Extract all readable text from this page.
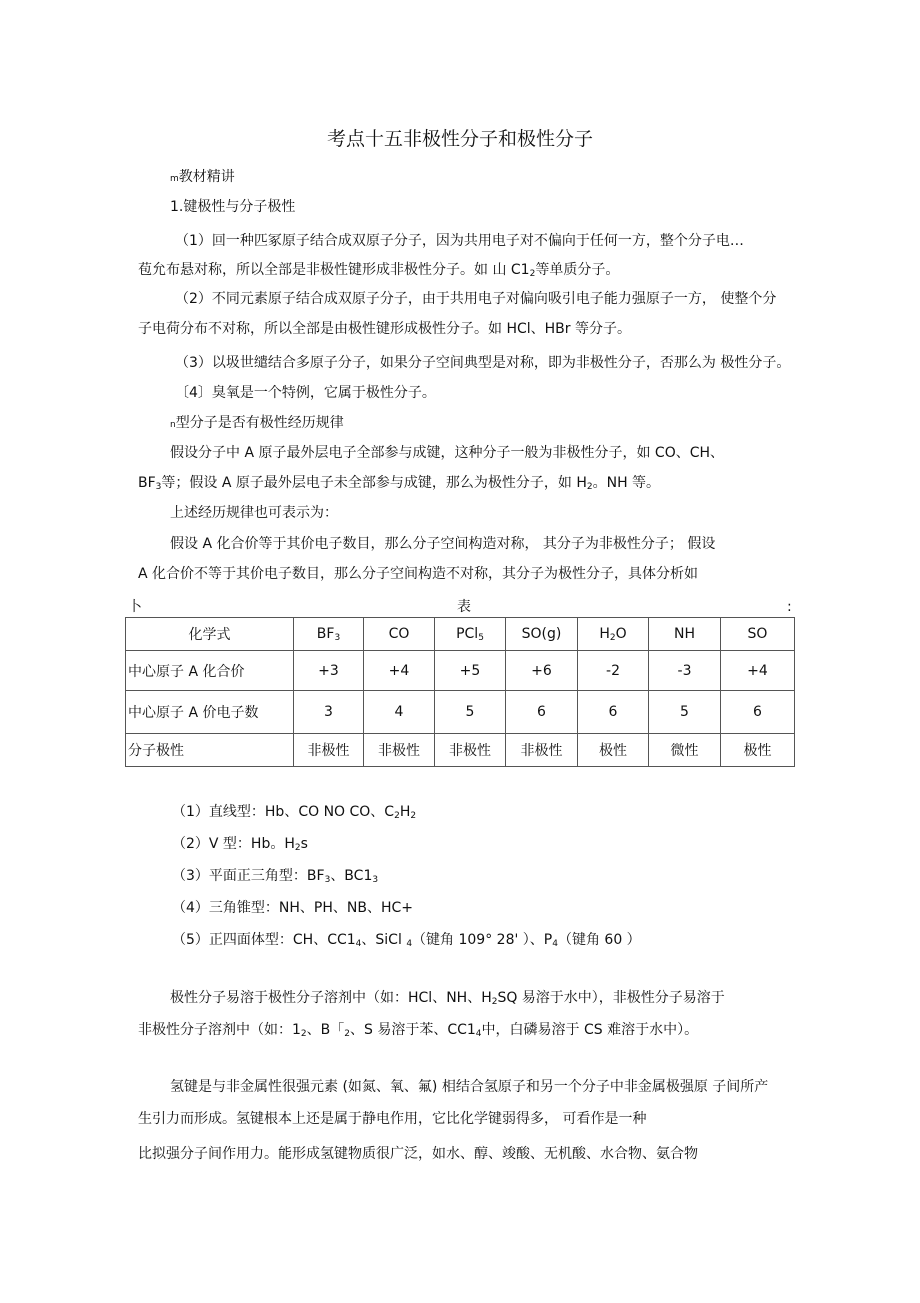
考点十五非极性分子和极性分子
m教材精讲
1.键极性与分子极性
（1）回一种匹冢原子结合成双原子分子，因为共用电子对不偏向于任何一方，整个分子电…
苞允布悬对称，所以全部是非极性键形成非极性分子。如 山 $C1_2$等单质分子。
（2）不同元素原子结合成双原子分子，由于共用电子对偏向吸引电子能力强原子一方， 使整个分
子电荷分布不对称，所以全部是由极性键形成极性分子。如 HCl、HBr 等分子。
（3）以圾世缱结合多原子分子，如果分子空间典型是对称，即为非极性分子，否那么为 极性分子。
〔4〕臭氧是一个特例，它属于极性分子。
n型分子是否有极性经历规律
假设分子中 A 原子最外层电子全部参与成键，这种分子一般为非极性分子，如 CO、CH、
$BF_3$等；假设 A 原子最外层电子未全部参与成键，那么为极性分子，如 $H_2$。NH 等。
上述经历规律也可表示为：
假设 A 化合价等于其价电子数目，那么分子空间构造对称， 其分子为非极性分子； 假设
A 化合价不等于其价电子数目，那么分子空间构造不对称，其分子为极性分子，具体分析如
卜	表	:
化学式	$BF_3$	CO	PCl$_5$	SO(g)	$H_2O$	NH	SO
中心原子 A 化合价	+3	+4	+5	+6	-2	-3	+4
中心原子 A 价电子数	3	4	5	6	6	5	6
分子极性	非极性	非极性	非极性	非极性	极性	微性	极性
（1）直线型：Hb、CO NO CO、$C_2H_2$
（2）V 型：Hb。$H_2s$
（3）平面正三角型：$BF_3$、$BC1_3$
（4）三角锥型：NH、PH、NB、HC+
（5）正四面体型：CH、$CC1_4$、SiCl $_4$（键角 109° 28' ）、$P_4$（键角 60 ）
极性分子易溶于极性分子溶剂中（如：HCl、NH、$H_2SQ$ 易溶于水中），非极性分子易溶于
非极性分子溶剂中（如：$1_2$、B「$_2$、S 易溶于苯、$CC1_4$中，白磷易溶于 CS 难溶于水中）。
氢键是与非金属性很强元素 (如氮、氧、氟) 相结合氢原子和另一个分子中非金属极强原 子间所产
生引力而形成。氢键根本上还是属于静电作用，它比化学键弱得多， 可看作是一种
比拟强分子间作用力。能形成氢键物质很广泛，如水、醇、竣酸、无机酸、水合物、氨合物
